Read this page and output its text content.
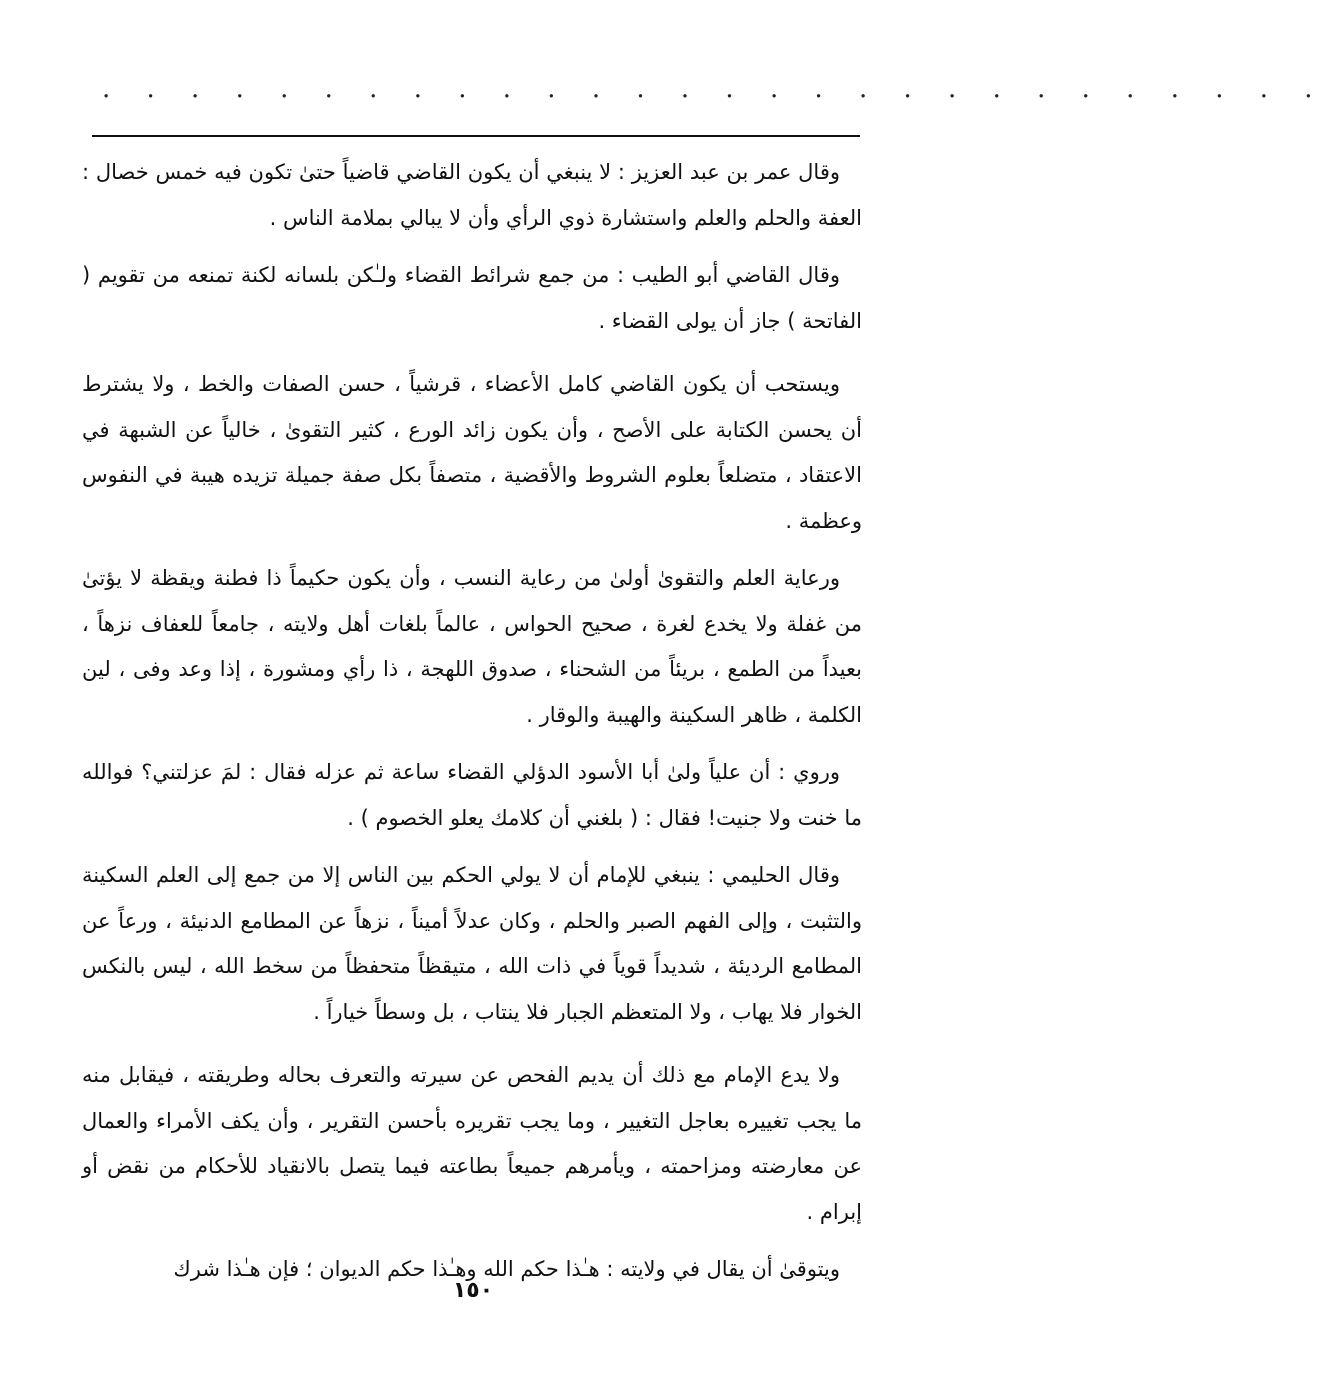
· · · · · · · · · · · · · · · · · · · · · · · · · · · ·

وقال عمر بن عبد العزيز : لا ينبغي أن يكون القاضي قاضياً حتىٰ تكون فيه خمس خصال : العفة والحلم والعلم واستشارة ذوي الرأي وأن لا يبالي بملامة الناس .

وقال القاضي أبو الطيب : من جمع شرائط القضاء ولـٰكن بلسانه لكنة تمنعه من تقويم ( الفاتحة ) جاز أن يولى القضاء .

ويستحب أن يكون القاضي كامل الأعضاء ، قرشياً ، حسن الصفات والخط ، ولا يشترط أن يحسن الكتابة على الأصح ، وأن يكون زائد الورع ، كثير التقوىٰ ، خالياً عن الشبهة في الاعتقاد ، متضلعاً بعلوم الشروط والأقضية ، متصفاً بكل صفة جميلة تزيده هيبة في النفوس وعظمة .

ورعاية العلم والتقوىٰ أولىٰ من رعاية النسب ، وأن يكون حكيماً ذا فطنة ويقظة لا يؤتىٰ من غفلة ولا يخدع لغرة ، صحيح الحواس ، عالماً بلغات أهل ولايته ، جامعاً للعفاف نزهاً ، بعيداً من الطمع ، بريئاً من الشحناء ، صدوق اللهجة ، ذا رأي ومشورة ، إذا وعد وفى ، لين الكلمة ، ظاهر السكينة والهيبة والوقار .

وروي : أن علياً ولىٰ أبا الأسود الدؤلي القضاء ساعة ثم عزله فقال : لمَ عزلتني؟ فوالله ما خنت ولا جنيت! فقال : ( بلغني أن كلامك يعلو الخصوم ) .

وقال الحليمي : ينبغي للإمام أن لا يولي الحكم بين الناس إلا من جمع إلى العلم السكينة والتثبت ، وإلى الفهم الصبر والحلم ، وكان عدلاً أميناً ، نزهاً عن المطامع الدنيئة ، ورعاً عن المطامع الرديئة ، شديداً قوياً في ذات الله ، متيقظاً متحفظاً من سخط الله ، ليس بالنكس الخوار فلا يهاب ، ولا المتعظم الجبار فلا ينتاب ، بل وسطاً خياراً .

ولا يدع الإمام مع ذلك أن يديم الفحص عن سيرته والتعرف بحاله وطريقته ، فيقابل منه ما يجب تغييره بعاجل التغيير ، وما يجب تقريره بأحسن التقرير ، وأن يكف الأمراء والعمال عن معارضته ومزاحمته ، ويأمرهم جميعاً بطاعته فيما يتصل بالانقياد للأحكام من نقض أو إبرام .

ويتوقىٰ أن يقال في ولايته : هـٰذا حكم الله وهـٰذا حكم الديوان ؛ فإن هـٰذا شرك

١٥٠
